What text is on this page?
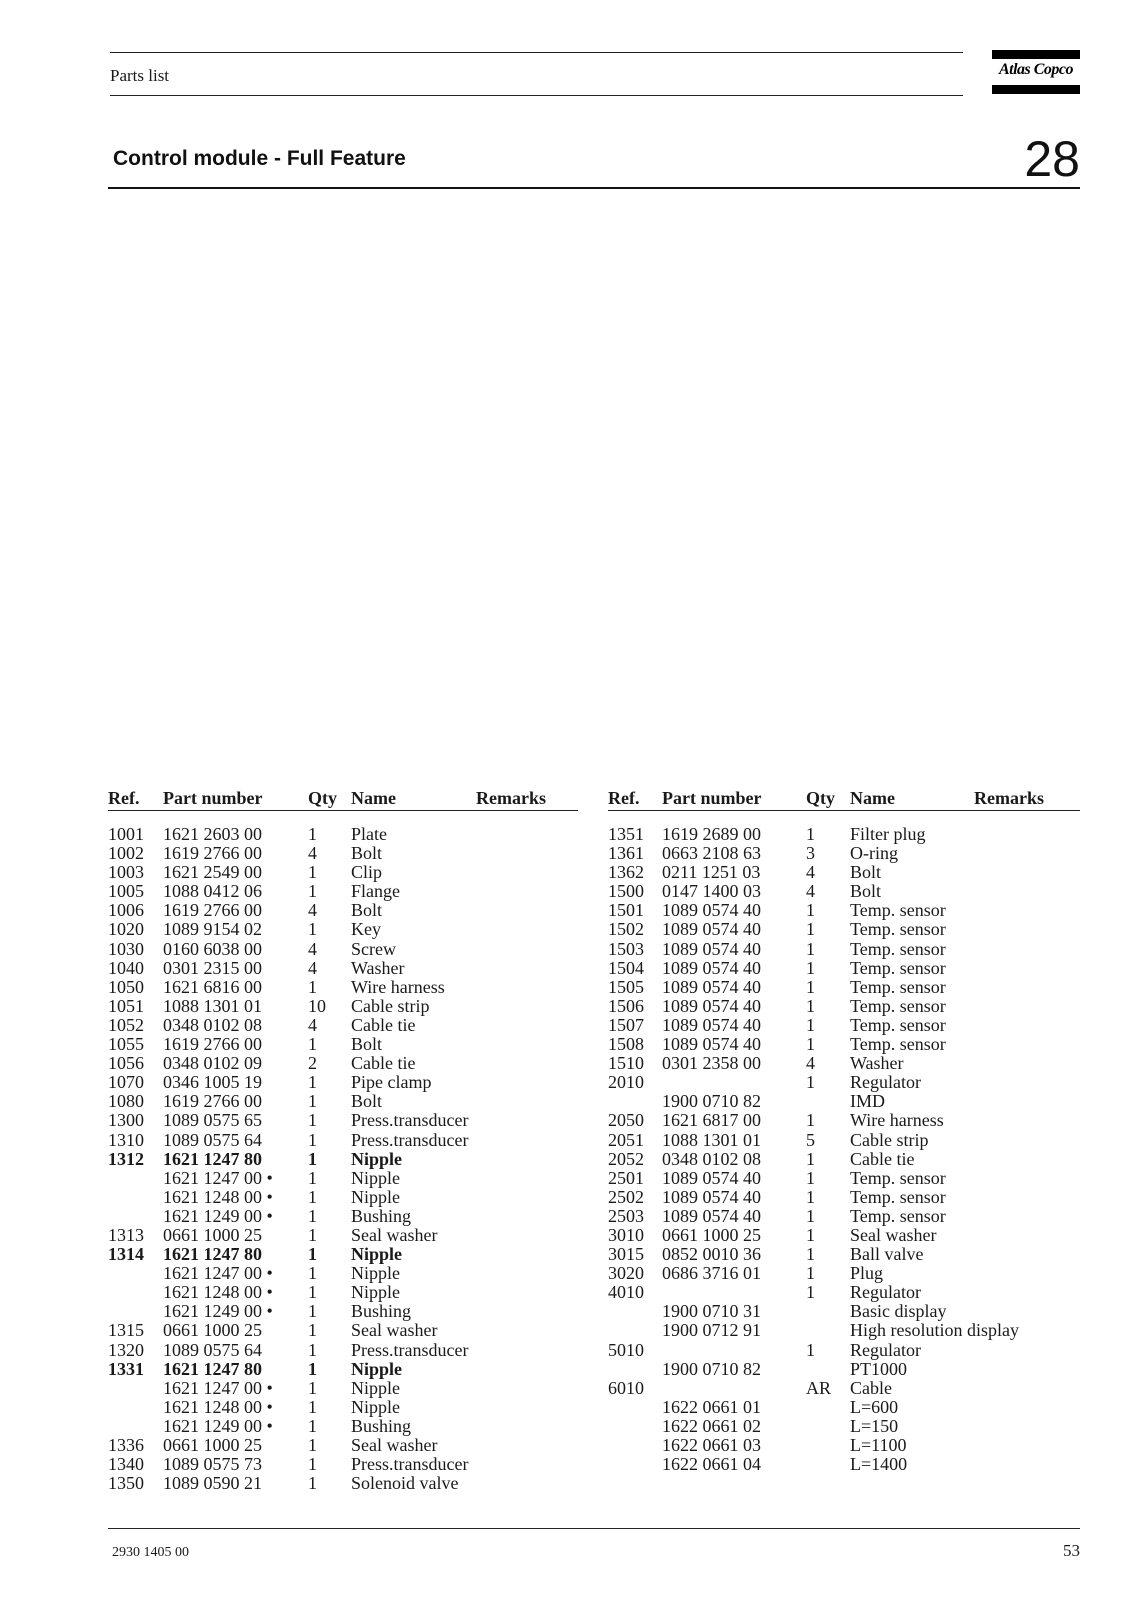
Parts list	Atlas Copco
Control module - Full Feature	28
Ref. Part number	Qty Name	Remarks
1001 1621 2603 00	1 Plate
1002 1619 2766 00	4 Bolt
1003 1621 2549 00	1 Clip
1005 1088 0412 06	1 Flange
1006 1619 2766 00	4 Bolt
1020 1089 9154 02	1 Key
1030 0160 6038 00	4 Screw
1040 0301 2315 00	4 Washer
1050 1621 6816 00	1 Wire harness
1051 1088 1301 01	10 Cable strip
1052 0348 0102 08	4 Cable tie
1055 1619 2766 00	1 Bolt
1056 0348 0102 09	2 Cable tie
1070 0346 1005 19	1 Pipe clamp
1080 1619 2766 00	1 Bolt
1300 1089 0575 65	1 Press.transducer
1310 1089 0575 64	1 Press.transducer
1312 1621 1247 80	1 Nipple
1621 1247 00 • 1 Nipple
1621 1248 00 • 1 Nipple
1621 1249 00 • 1 Bushing
1313 0661 1000 25	1 Seal washer
1314 1621 1247 80	1 Nipple
1621 1247 00 • 1 Nipple
1621 1248 00 • 1 Nipple
1621 1249 00 • 1 Bushing
1315 0661 1000 25	1 Seal washer
1320 1089 0575 64	1 Press.transducer
1331 1621 1247 80	1 Nipple
1621 1247 00 • 1 Nipple
1621 1248 00 • 1 Nipple
1621 1249 00 • 1 Bushing
1336 0661 1000 25	1 Seal washer
1340 1089 0575 73	1 Press.transducer
1350 1089 0590 21	1 Solenoid valve
Ref. Part number Qty Name	Remarks
1351 1619 2689 00	1 Filter plug
1361 0663 2108 63	3 O-ring
1362 0211 1251 03	4 Bolt
1500 0147 1400 03	4 Bolt
1501 1089 0574 40	1 Temp. sensor
1502 1089 0574 40	1 Temp. sensor
1503 1089 0574 40	1 Temp. sensor
1504 1089 0574 40	1 Temp. sensor
1505 1089 0574 40	1 Temp. sensor
1506 1089 0574 40	1 Temp. sensor
1507 1089 0574 40	1 Temp. sensor
1508 1089 0574 40	1 Temp. sensor
1510 0301 2358 00	4 Washer
2010	1 Regulator
1900 0710 82	IMD
2050 1621 6817 00	1 Wire harness
2051 1088 1301 01	5 Cable strip
2052 0348 0102 08	1 Cable tie
2501 1089 0574 40	1 Temp. sensor
2502 1089 0574 40	1 Temp. sensor
2503 1089 0574 40	1 Temp. sensor
3010 0661 1000 25	1 Seal washer
3015 0852 0010 36	1 Ball valve
3020 0686 3716 01	1 Plug
4010	1 Regulator
1900 0710 31	Basic display
1900 0712 91	High resolution display
5010	1 Regulator
1900 0710 82	PT1000
6010	AR Cable
1622 0661 01	L=600
1622 0661 02	L=150
1622 0661 03	L=1100
1622 0661 04	L=1400
2930 1405 00	53
